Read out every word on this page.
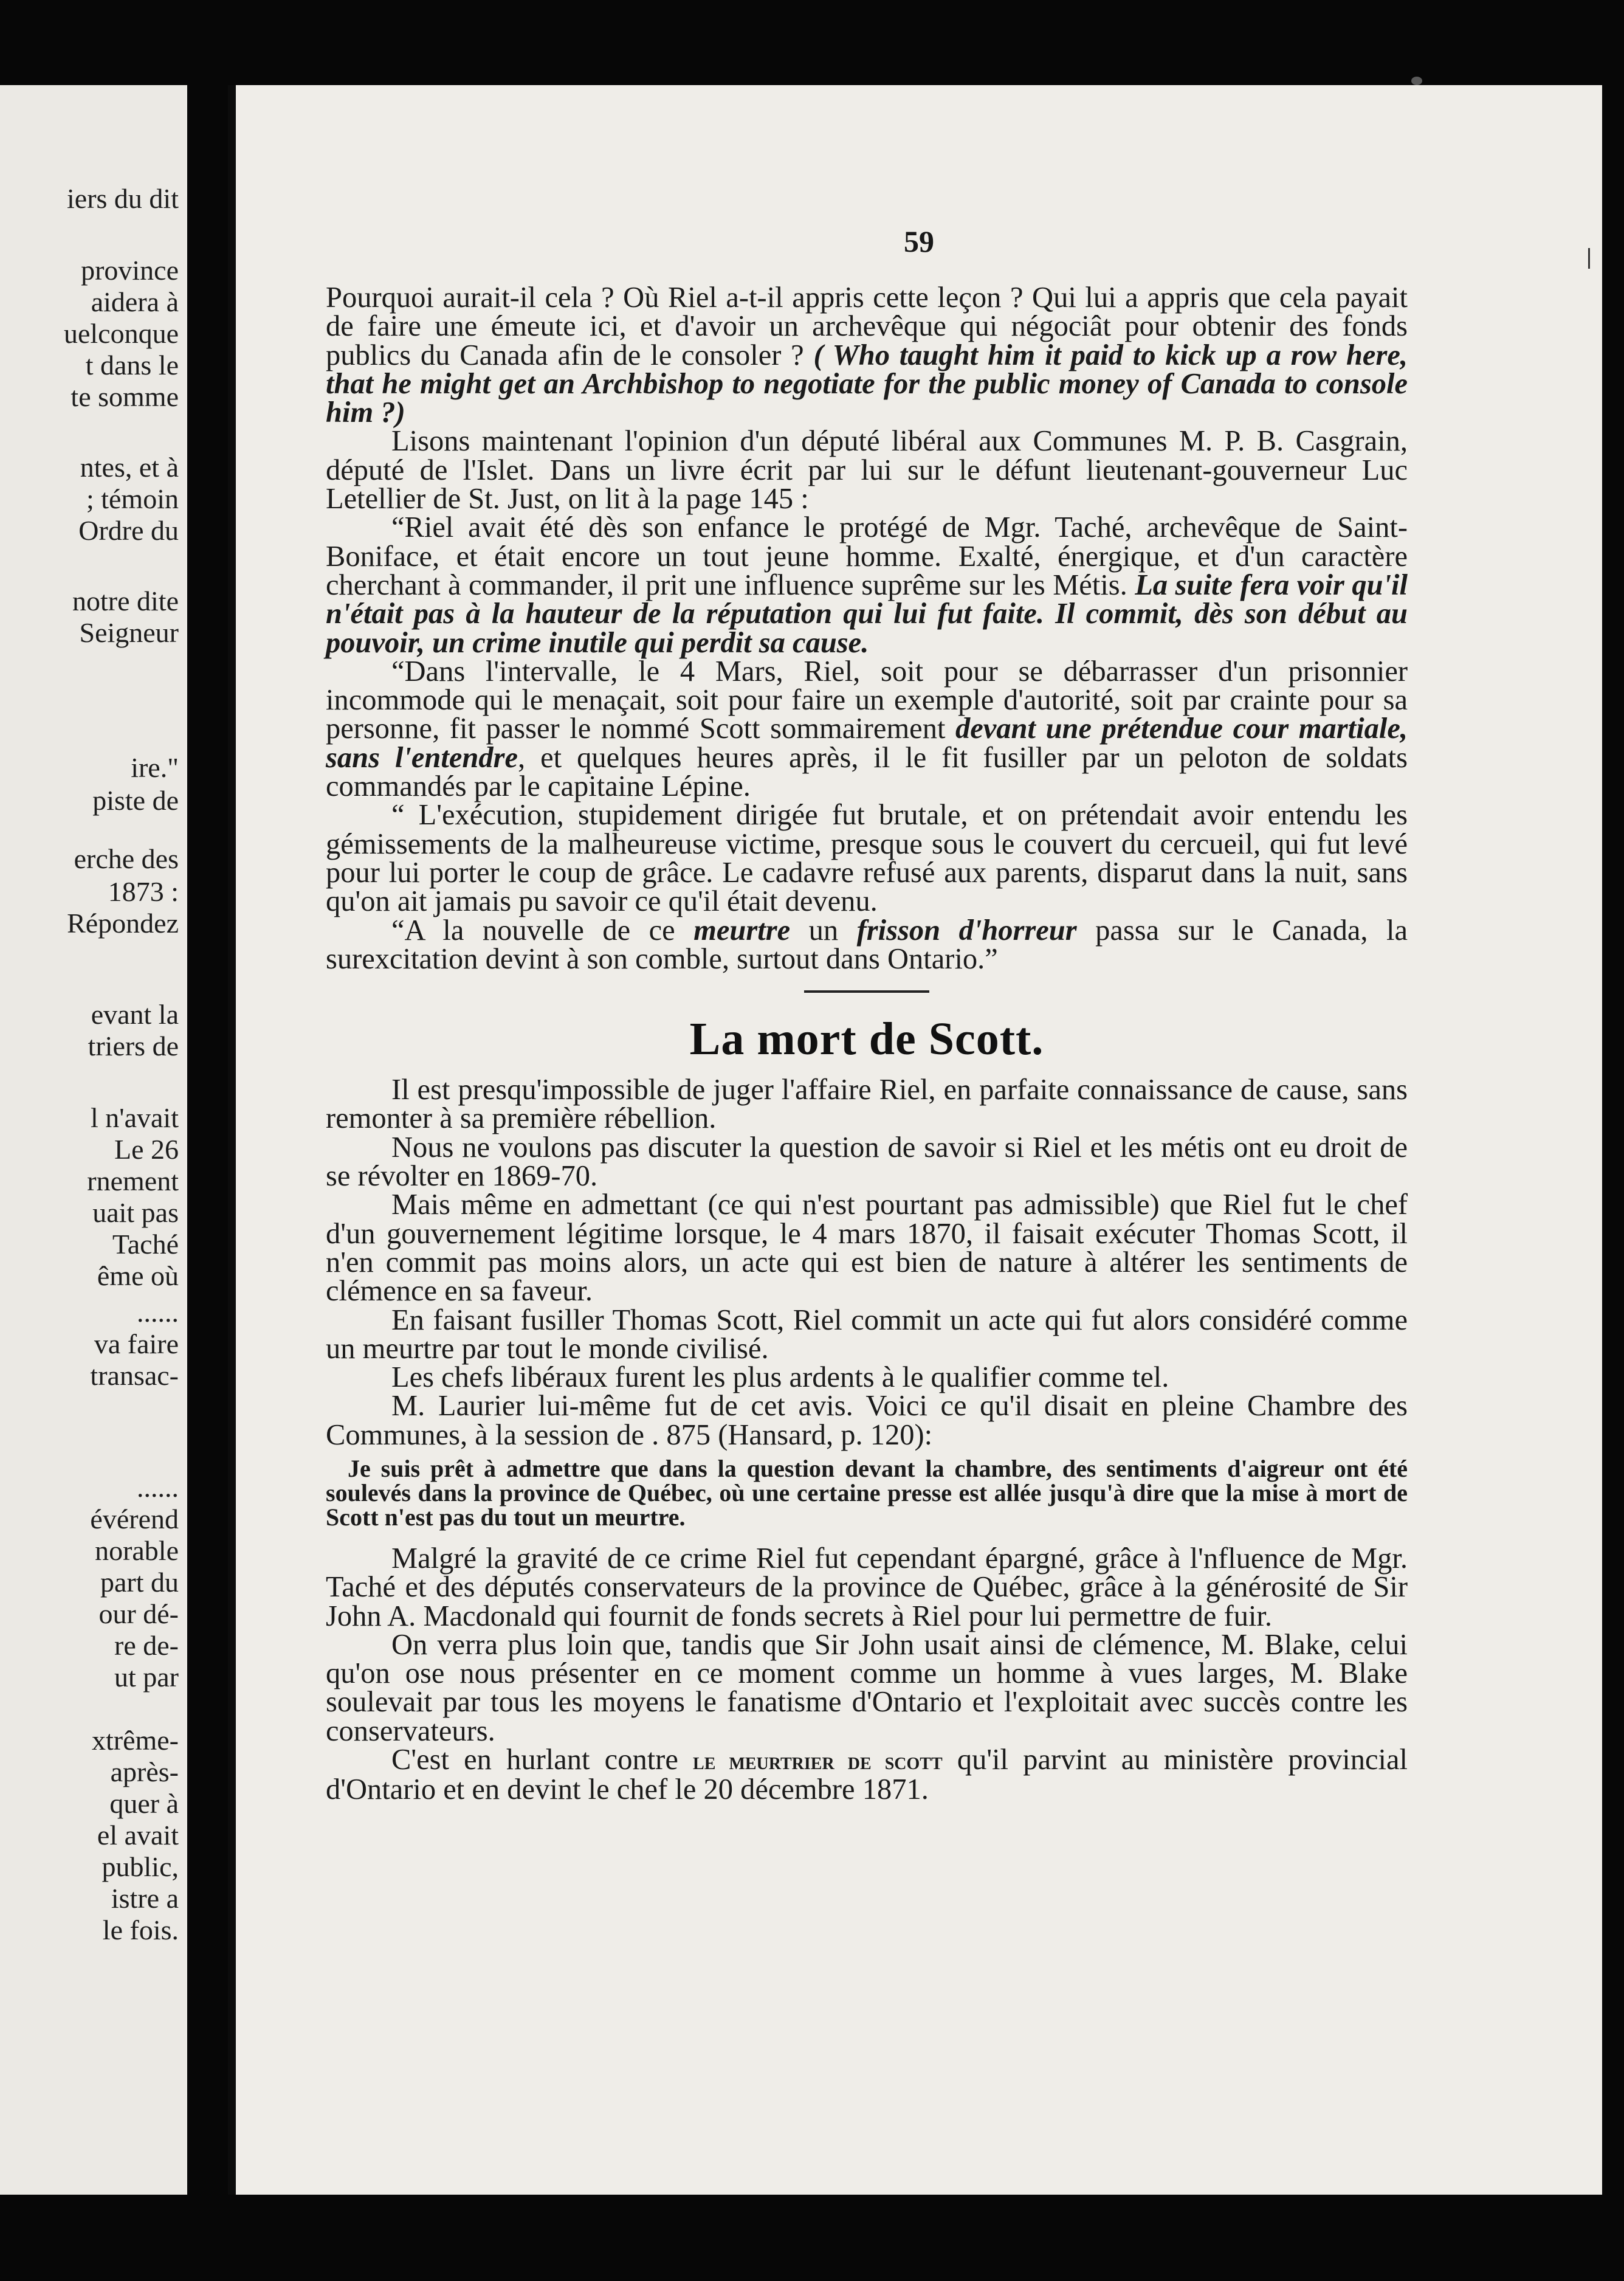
iers du dit
province
aidera à
uelconque
t dans le
te somme
ntes, et à
; témoin
Ordre du
notre dite
Seigneur
ire."
piste de
erche des
1873 :
Répondez
evant la
triers de
l n'avait
Le 26
rnement
uait pas
Taché
ême où
......
va faire
transac-
......
évérend
norable
part du
our dé-
re de-
ut par
xtrême-
après-
quer à
el avait
public,
istre a
le fois.
59

Pourquoi aurait-il cela ? Où Riel a-t-il appris cette leçon ? Qui lui a appris que cela payait de faire une émeute ici, et d'avoir un archevêque qui négociât pour obtenir des fonds publics du Canada afin de le consoler ? ( Who taught him it paid to kick up a row here, that he might get an Archbishop to negotiate for the public money of Canada to console him ?)

Lisons maintenant l'opinion d'un député libéral aux Communes M. P. B. Casgrain, député de l'Islet. Dans un livre écrit par lui sur le défunt lieutenant-gouverneur Luc Letellier de St. Just, on lit à la page 145 :

“Riel avait été dès son enfance le protégé de Mgr. Taché, archevêque de Saint-Boniface, et était encore un tout jeune homme. Exalté, énergique, et d'un caractère cherchant à commander, il prit une influence suprême sur les Métis. La suite fera voir qu'il n'était pas à la hauteur de la réputation qui lui fut faite. Il commit, dès son début au pouvoir, un crime inutile qui perdit sa cause.

“Dans l'intervalle, le 4 Mars, Riel, soit pour se débarrasser d'un prisonnier incommode qui le menaçait, soit pour faire un exemple d'autorité, soit par crainte pour sa personne, fit passer le nommé Scott sommairement devant une prétendue cour martiale, sans l'entendre, et quelques heures après, il le fit fusiller par un peloton de soldats commandés par le capitaine Lépine.

“ L'exécution, stupidement dirigée fut brutale, et on prétendait avoir entendu les gémissements de la malheureuse victime, presque sous le couvert du cercueil, qui fut levé pour lui porter le coup de grâce. Le cadavre refusé aux parents, disparut dans la nuit, sans qu'on ait jamais pu savoir ce qu'il était devenu.

“A la nouvelle de ce meurtre un frisson d'horreur passa sur le Canada, la surexcitation devint à son comble, surtout dans Ontario.”

La mort de Scott.

Il est presqu'impossible de juger l'affaire Riel, en parfaite connaissance de cause, sans remonter à sa première rébellion.

Nous ne voulons pas discuter la question de savoir si Riel et les métis ont eu droit de se révolter en 1869-70.

Mais même en admettant (ce qui n'est pourtant pas admissible) que Riel fut le chef d'un gouvernement légitime lorsque, le 4 mars 1870, il faisait exécuter Thomas Scott, il n'en commit pas moins alors, un acte qui est bien de nature à altérer les sentiments de clémence en sa faveur.

En faisant fusiller Thomas Scott, Riel commit un acte qui fut alors considéré comme un meurtre par tout le monde civilisé.

Les chefs libéraux furent les plus ardents à le qualifier comme tel.

M. Laurier lui-même fut de cet avis. Voici ce qu'il disait en pleine Chambre des Communes, à la session de . 875 (Hansard, p. 120):

Je suis prêt à admettre que dans la question devant la chambre, des sentiments d'aigreur ont été soulevés dans la province de Québec, où une certaine presse est allée jusqu'à dire que la mise à mort de Scott n'est pas du tout un meurtre.

Malgré la gravité de ce crime Riel fut cependant épargné, grâce à l'nfluence de Mgr. Taché et des députés conservateurs de la province de Québec, grâce à la générosité de Sir John A. Macdonald qui fournit de fonds secrets à Riel pour lui permettre de fuir.

On verra plus loin que, tandis que Sir John usait ainsi de clémence, M. Blake, celui qu'on ose nous présenter en ce moment comme un homme à vues larges, M. Blake soulevait par tous les moyens le fanatisme d'Ontario et l'exploitait avec succès contre les conservateurs.

C'est en hurlant contre le meurtrier de scott qu'il parvint au ministère provincial d'Ontario et en devint le chef le 20 décembre 1871.
